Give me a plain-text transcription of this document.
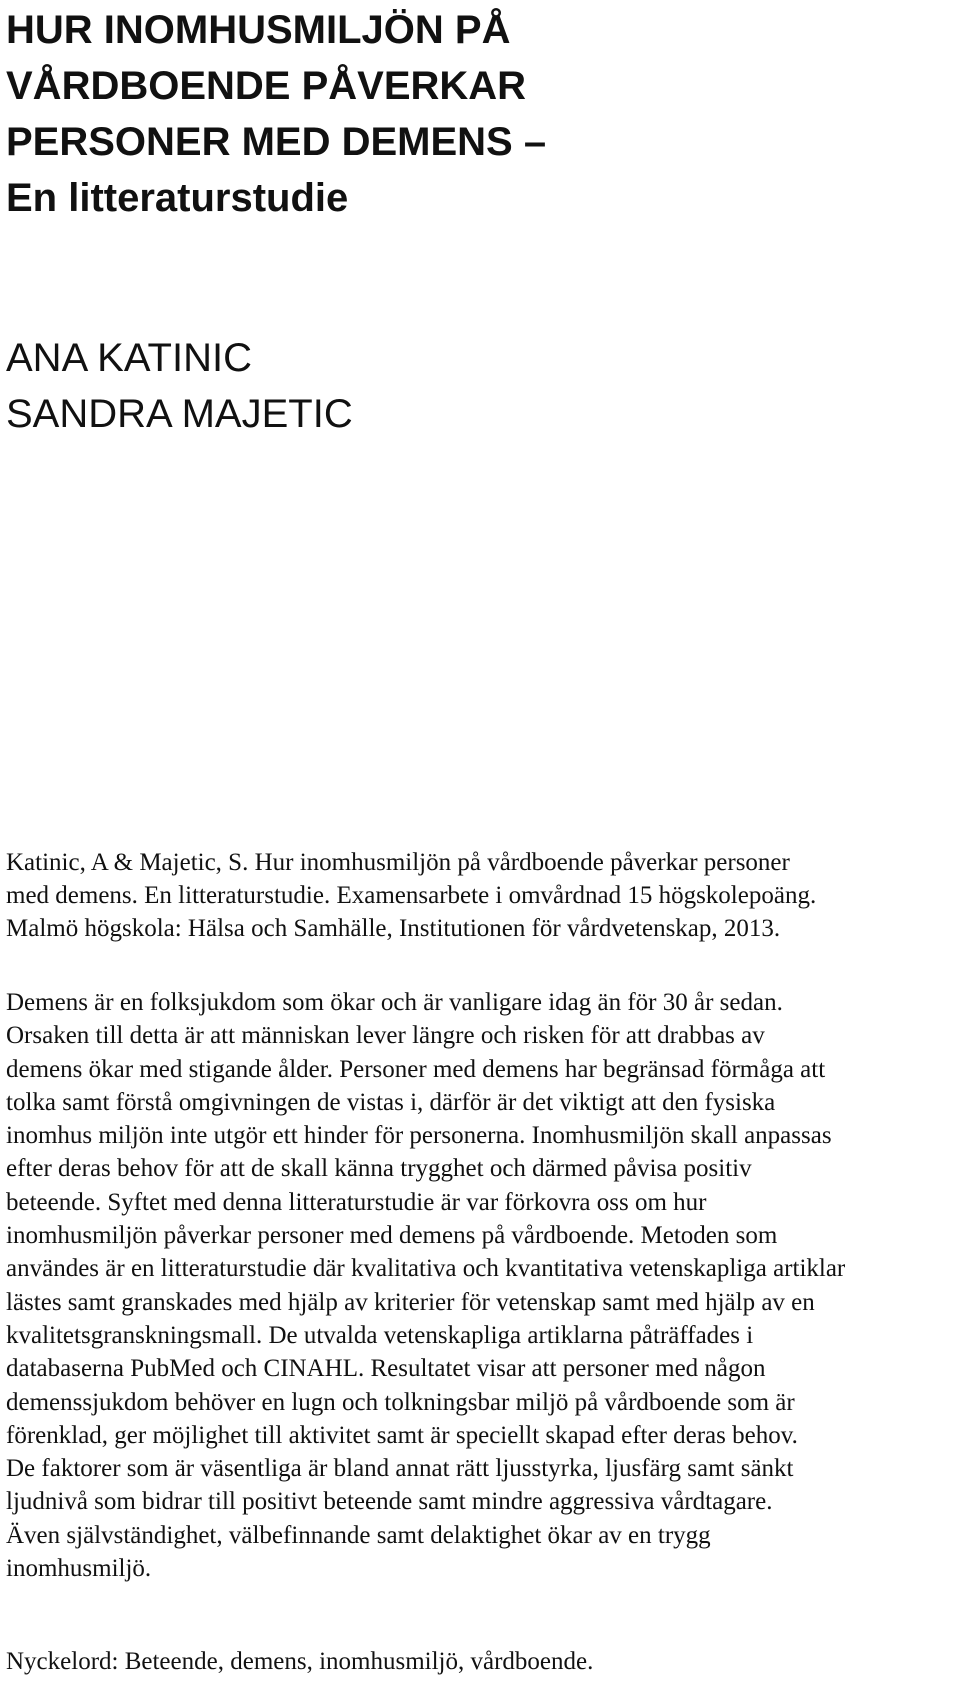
HUR INOMHUSMILJÖN PÅ
VÅRDBOENDE PÅVERKAR
PERSONER MED DEMENS –
En litteraturstudie
ANA KATINIC
SANDRA MAJETIC

Katinic, A & Majetic, S. Hur inomhusmiljön på vårdboende påverkar personer
med demens. En litteraturstudie. Examensarbete i omvårdnad 15 högskolepoäng.
Malmö högskola: Hälsa och Samhälle, Institutionen för vårdvetenskap, 2013.

Demens är en folksjukdom som ökar och är vanligare idag än för 30 år sedan.
Orsaken till detta är att människan lever längre och risken för att drabbas av
demens ökar med stigande ålder. Personer med demens har begränsad förmåga att
tolka samt förstå omgivningen de vistas i, därför är det viktigt att den fysiska
inomhus miljön inte utgör ett hinder för personerna. Inomhusmiljön skall anpassas
efter deras behov för att de skall känna trygghet och därmed påvisa positiv
beteende. Syftet med denna litteraturstudie är var förkovra oss om hur
inomhusmiljön påverkar personer med demens på vårdboende. Metoden som
användes är en litteraturstudie där kvalitativa och kvantitativa vetenskapliga artiklar
lästes samt granskades med hjälp av kriterier för vetenskap samt med hjälp av en
kvalitetsgranskningsmall. De utvalda vetenskapliga artiklarna påträffades i
databaserna PubMed och CINAHL. Resultatet visar att personer med någon
demenssjukdom behöver en lugn och tolkningsbar miljö på vårdboende som är
förenklad, ger möjlighet till aktivitet samt är speciellt skapad efter deras behov.
De faktorer som är väsentliga är bland annat rätt ljusstyrka, ljusfärg samt sänkt
ljudnivå som bidrar till positivt beteende samt mindre aggressiva vårdtagare.
Även självständighet, välbefinnande samt delaktighet ökar av en trygg
inomhusmiljö.

Nyckelord: Beteende, demens, inomhusmiljö, vårdboende.
